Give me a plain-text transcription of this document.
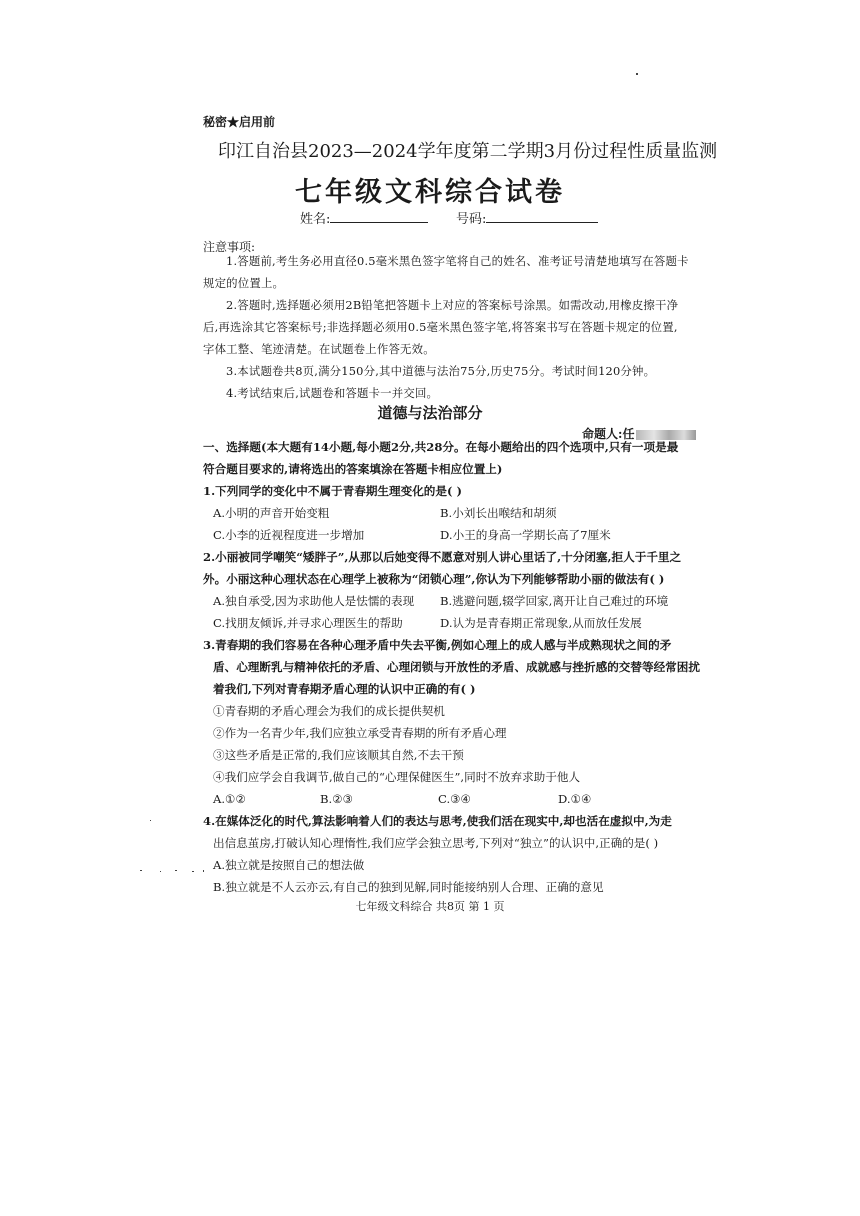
秘密★启用前
印江自治县2023—2024学年度第二学期3月份过程性质量监测
七年级文科综合试卷
姓名:	号码:
注意事项:
1.答题前,考生务必用直径0.5毫米黑色签字笔将自己的姓名、准考证号清楚地填写在答题卡
规定的位置上。
2.答题时,选择题必须用2B铅笔把答题卡上对应的答案标号涂黑。如需改动,用橡皮擦干净
后,再选涂其它答案标号;非选择题必须用0.5毫米黑色签字笔,将答案书写在答题卡规定的位置,
字体工整、笔迹清楚。在试题卷上作答无效。
3.本试题卷共8页,满分150分,其中道德与法治75分,历史75分。考试时间120分钟。
4.考试结束后,试题卷和答题卡一并交回。
道德与法治部分
命题人:任
一、选择题(本大题有14小题,每小题2分,共28分。在每小题给出的四个选项中,只有一项是最
符合题目要求的,请将选出的答案填涂在答题卡相应位置上)
1.下列同学的变化中不属于青春期生理变化的是( )
A.小明的声音开始变粗	B.小刘长出喉结和胡须
C.小李的近视程度进一步增加	D.小王的身高一学期长高了7厘米
2.小丽被同学嘲笑“矮胖子”,从那以后她变得不愿意对别人讲心里话了,十分闭塞,拒人于千里之
外。小丽这种心理状态在心理学上被称为“闭锁心理”,你认为下列能够帮助小丽的做法有( )
A.独自承受,因为求助他人是怯懦的表现 B.逃避问题,辍学回家,离开让自己难过的环境
C.找朋友倾诉,并寻求心理医生的帮助	D.认为是青春期正常现象,从而放任发展
3.青春期的我们容易在各种心理矛盾中失去平衡,例如心理上的成人感与半成熟现状之间的矛
盾、心理断乳与精神依托的矛盾、心理闭锁与开放性的矛盾、成就感与挫折感的交替等经常困扰
着我们,下列对青春期矛盾心理的认识中正确的有( )
①青春期的矛盾心理会为我们的成长提供契机
②作为一名青少年,我们应独立承受青春期的所有矛盾心理
③这些矛盾是正常的,我们应该顺其自然,不去干预
④我们应学会自我调节,做自己的“心理保健医生”,同时不放弃求助于他人
A.①②	B.②③	C.③④	D.①④
4.在媒体泛化的时代,算法影响着人们的表达与思考,使我们活在现实中,却也活在虚拟中,为走
出信息茧房,打破认知心理惰性,我们应学会独立思考,下列对“独立”的认识中,正确的是( )
A.独立就是按照自己的想法做
B.独立就是不人云亦云,有自己的独到见解,同时能接纳别人合理、正确的意见
七年级文科综合 共8页 第 1 页
